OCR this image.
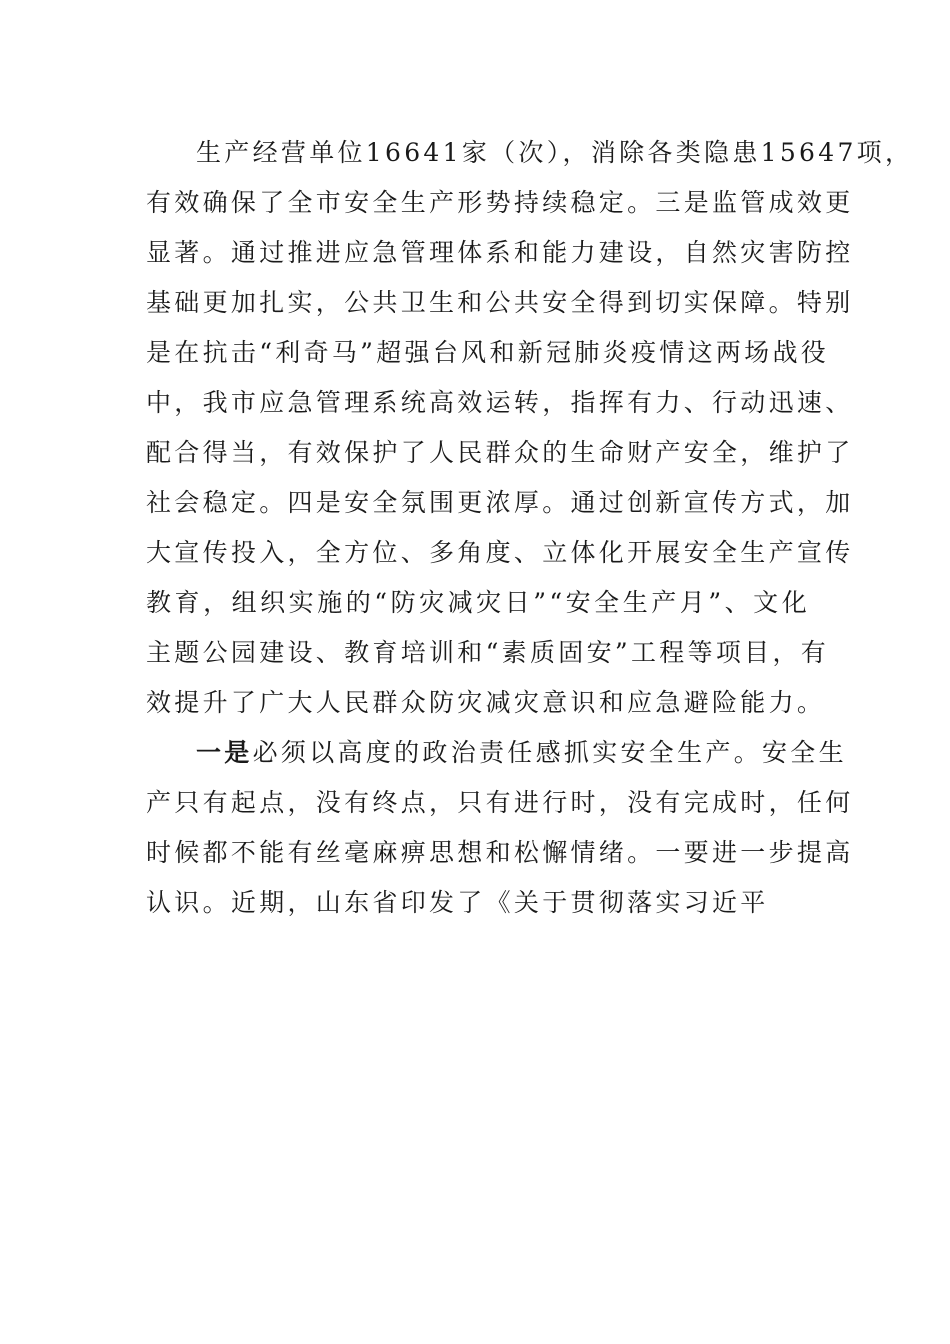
生产经营单位16641家（次），消除各类隐患15647项，
有效确保了全市安全生产形势持续稳定。三是监管成效更
显著。通过推进应急管理体系和能力建设，自然灾害防控
基础更加扎实，公共卫生和公共安全得到切实保障。特别
是在抗击“利奇马”超强台风和新冠肺炎疫情这两场战役
中，我市应急管理系统高效运转，指挥有力、行动迅速、
配合得当，有效保护了人民群众的生命财产安全，维护了
社会稳定。四是安全氛围更浓厚。通过创新宣传方式，加
大宣传投入，全方位、多角度、立体化开展安全生产宣传
教育，组织实施的“防灾减灾日”“安全生产月”、文化
主题公园建设、教育培训和“素质固安”工程等项目，有
效提升了广大人民群众防灾减灾意识和应急避险能力。
一是必须以高度的政治责任感抓实安全生产。安全生
产只有起点，没有终点，只有进行时，没有完成时，任何
时候都不能有丝毫麻痹思想和松懈情绪。一要进一步提高
认识。近期，山东省印发了《关于贯彻落实习近平
